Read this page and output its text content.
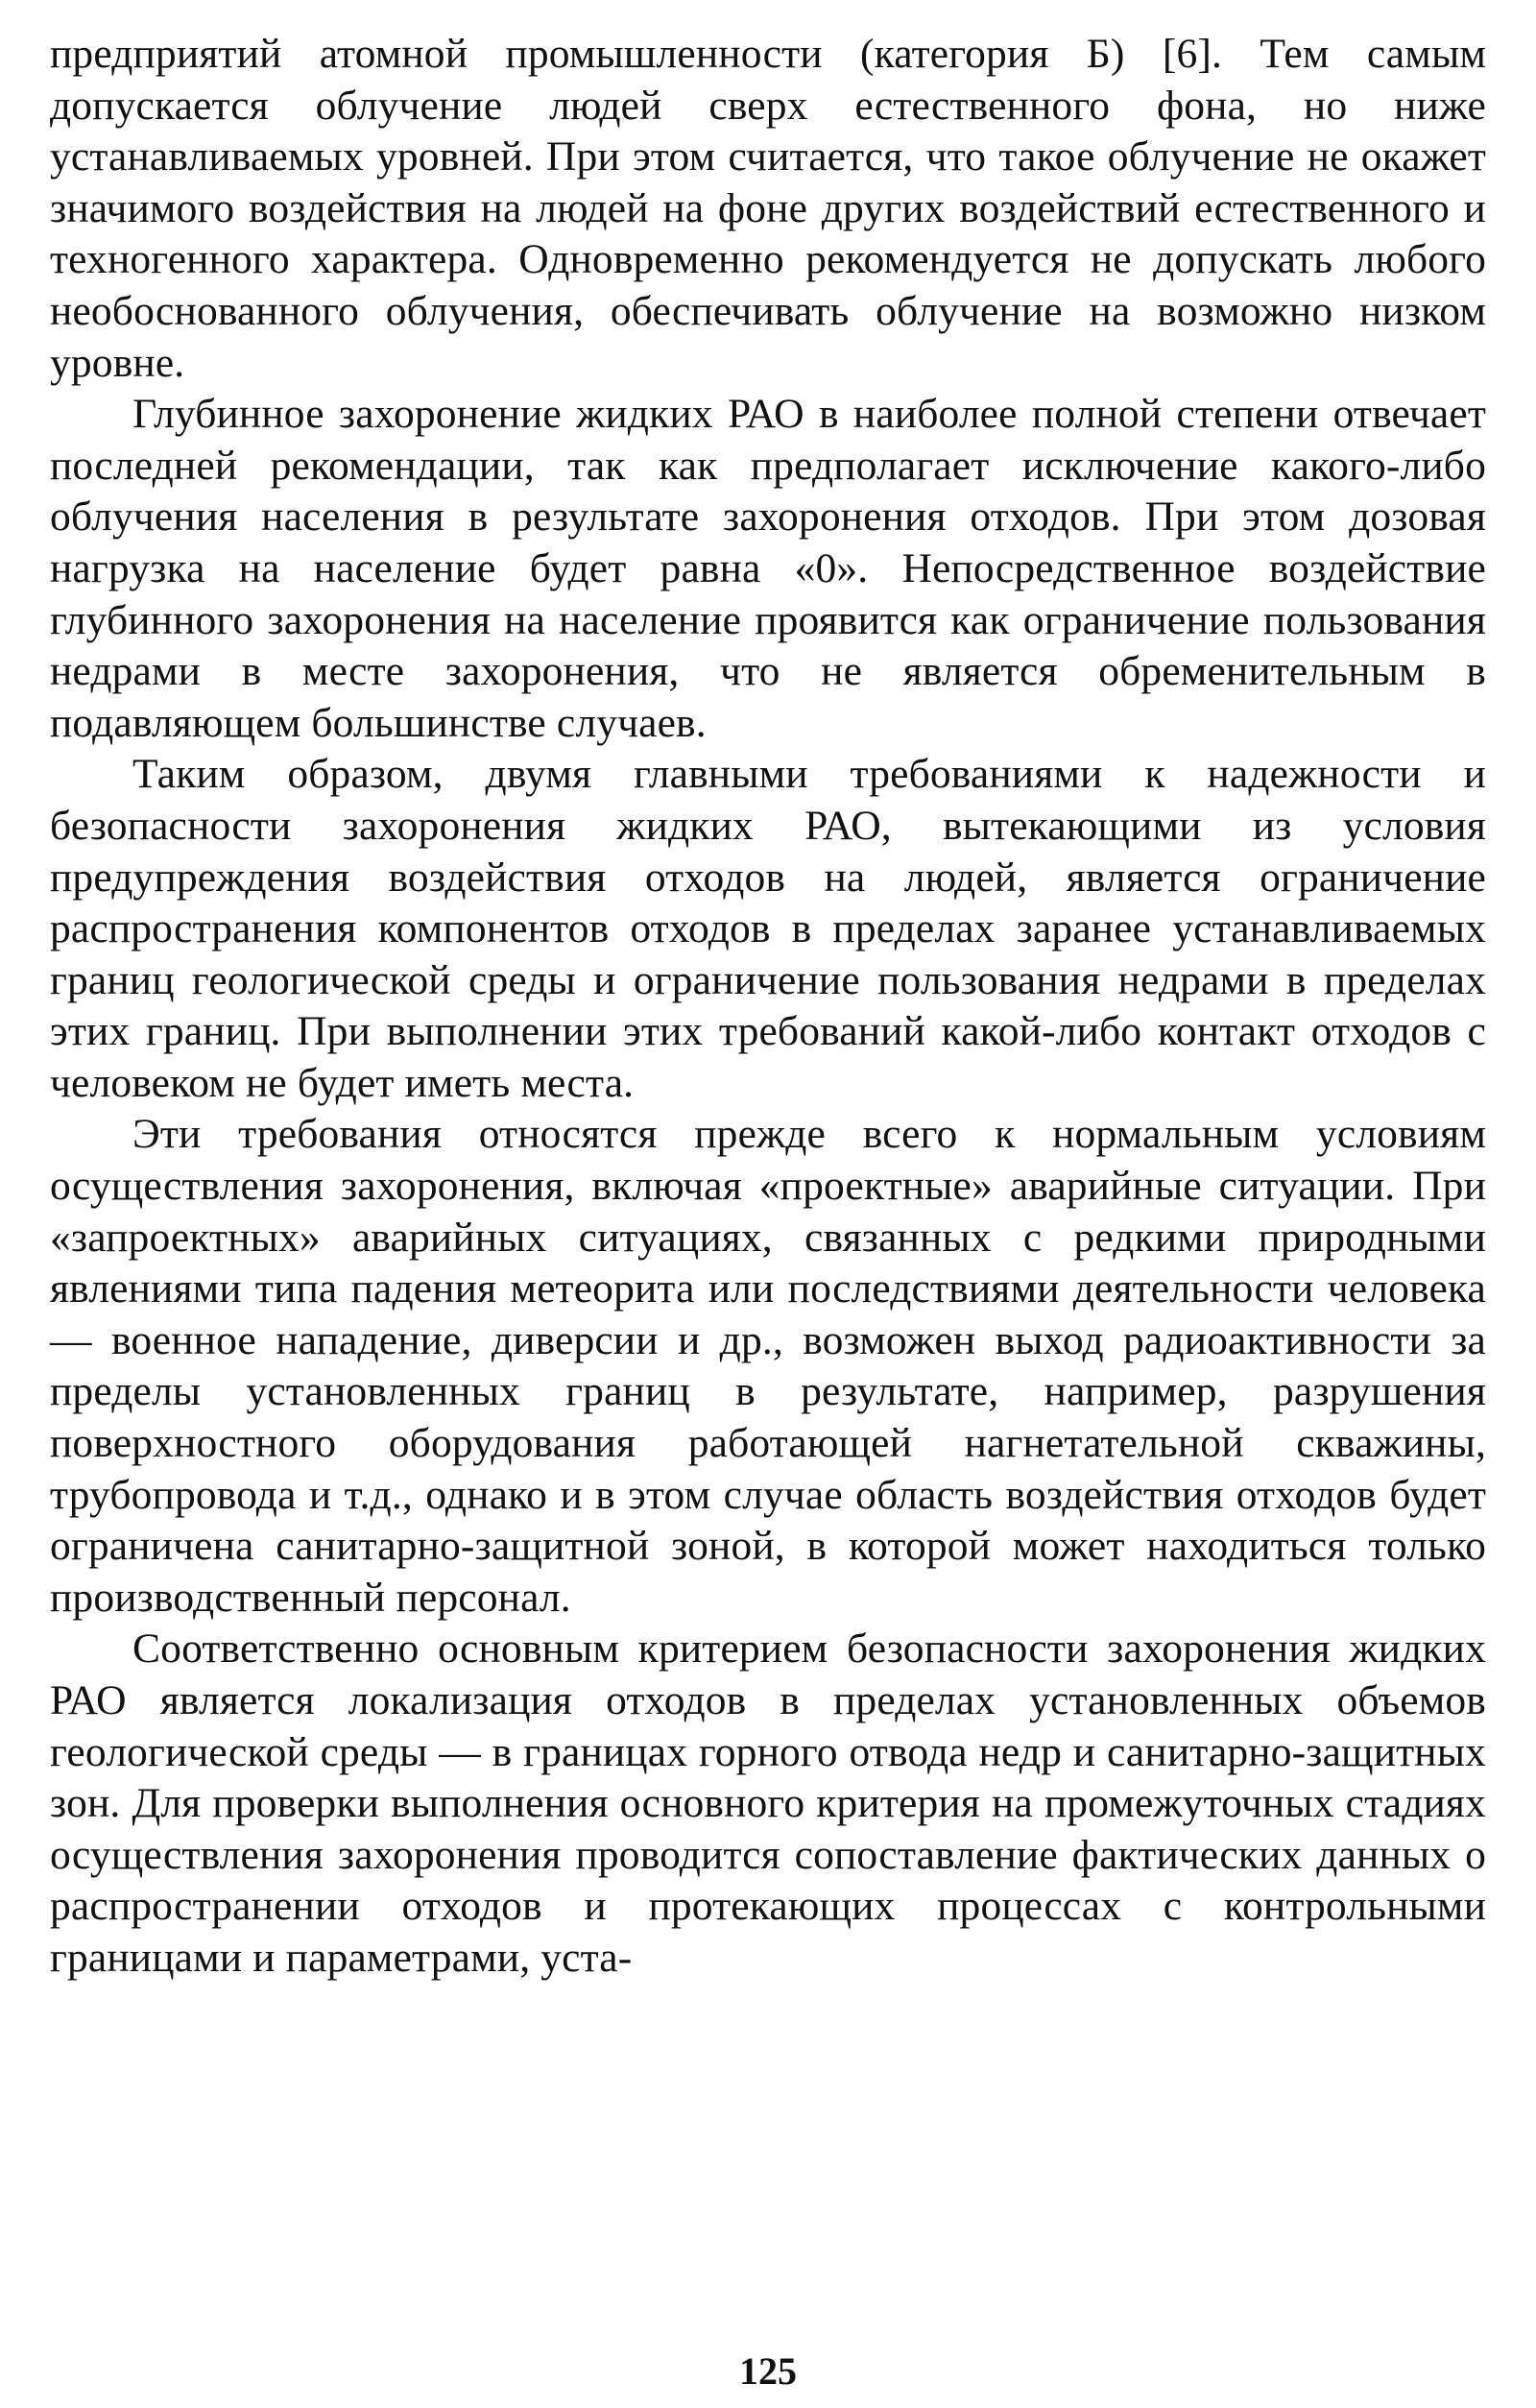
предприятий атомной промышленности (категория Б) [6]. Тем самым допускается облучение людей сверх естественного фона, но ниже устанавливаемых уровней. При этом считается, что такое облучение не окажет значимого воздействия на людей на фоне других воздействий естественного и техногенного характера. Одновременно рекомендуется не допускать любого необоснованного облучения, обеспечивать облучение на возможно низком уровне.

Глубинное захоронение жидких РАО в наиболее полной степени отвечает последней рекомендации, так как предполагает исключение какого-либо облучения населения в результате захоронения отходов. При этом дозовая нагрузка на население будет равна «0». Непосредственное воздействие глубинного захоронения на население проявится как ограничение пользования недрами в месте захоронения, что не является обременительным в подавляющем большинстве случаев.

Таким образом, двумя главными требованиями к надежности и безопасности захоронения жидких РАО, вытекающими из условия предупреждения воздействия отходов на людей, является ограничение распространения компонентов отходов в пределах заранее устанавливаемых границ геологической среды и ограничение пользования недрами в пределах этих границ. При выполнении этих требований какой-либо контакт отходов с человеком не будет иметь места.

Эти требования относятся прежде всего к нормальным условиям осуществления захоронения, включая «проектные» аварийные ситуации. При «запроектных» аварийных ситуациях, связанных с редкими природными явлениями типа падения метеорита или последствиями деятельности человека — военное нападение, диверсии и др., возможен выход радиоактивности за пределы установленных границ в результате, например, разрушения поверхностного оборудования работающей нагнетательной скважины, трубопровода и т.д., однако и в этом случае область воздействия отходов будет ограничена санитарно-защитной зоной, в которой может находиться только производственный персонал.

Соответственно основным критерием безопасности захоронения жидких РАО является локализация отходов в пределах установленных объемов геологической среды — в границах горного отвода недр и санитарно-защитных зон. Для проверки выполнения основного критерия на промежуточных стадиях осуществления захоронения проводится сопоставление фактических данных о распространении отходов и протекающих процессах с контрольными границами и параметрами, уста-

125
